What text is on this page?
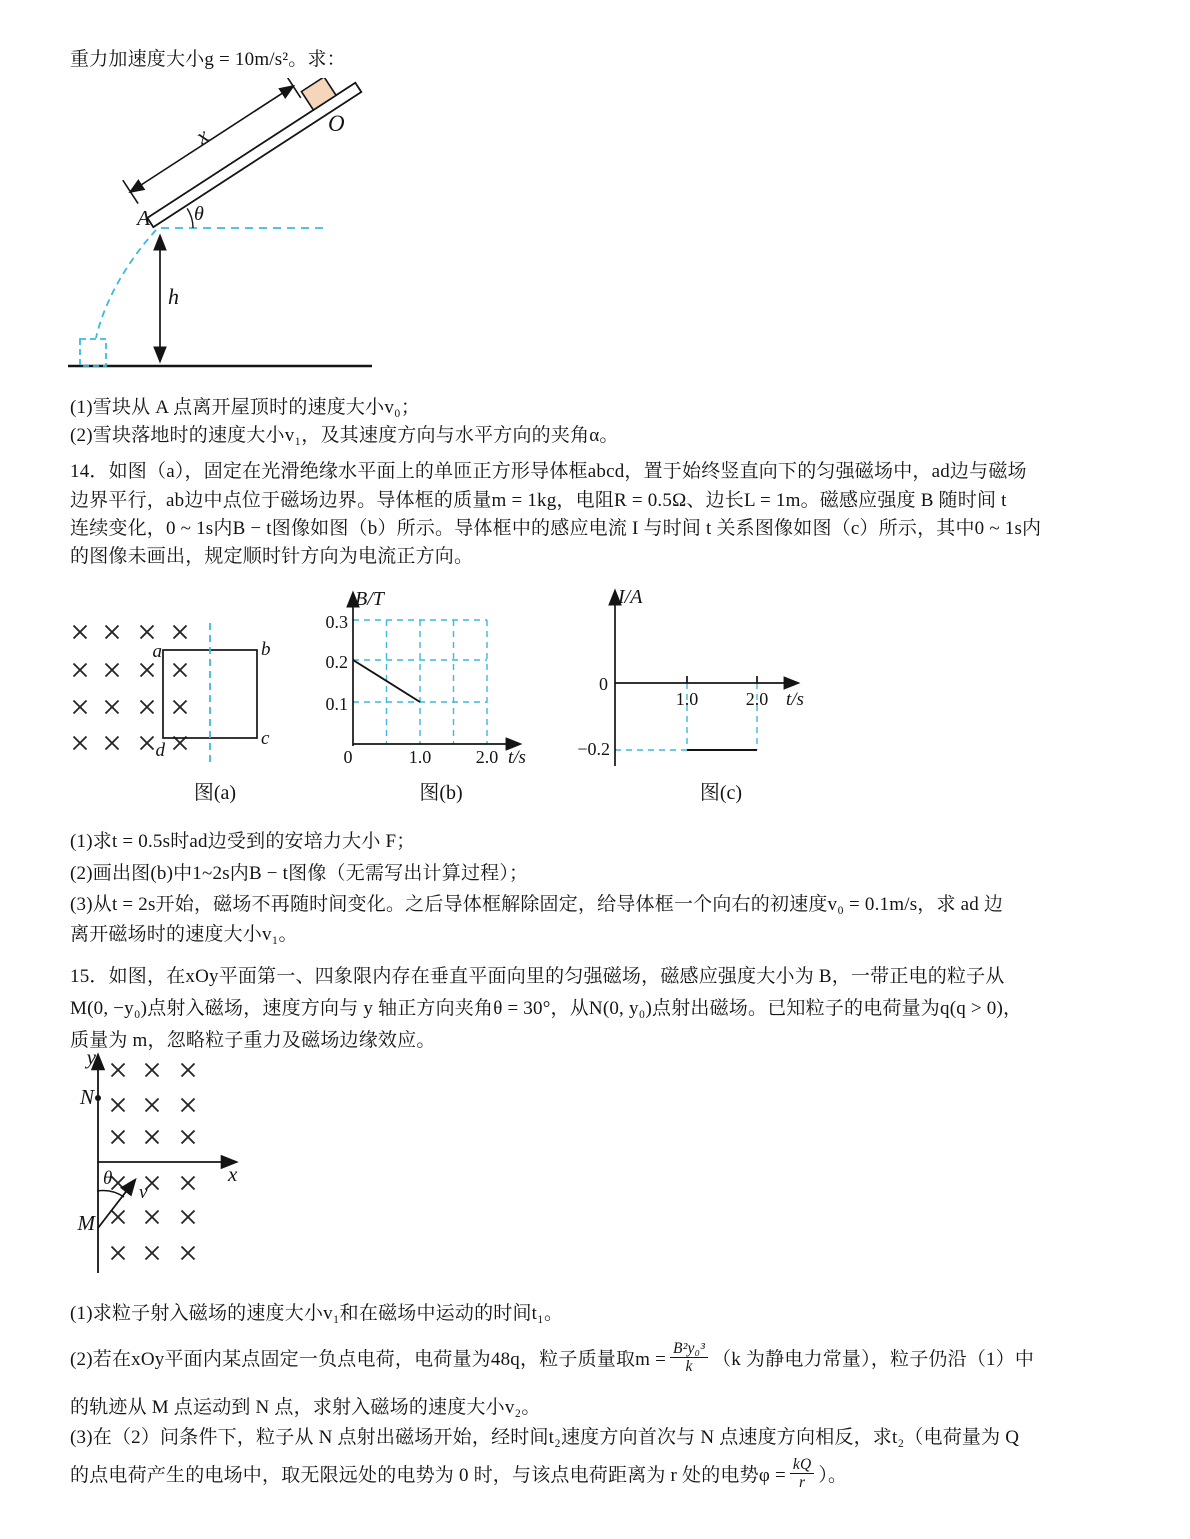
重力加速度大小g = 10m/s²。求：
x	O
A θ
h
(1)雪块从 A 点离开屋顶时的速度大小v₀；
(2)雪块落地时的速度大小v₁，及其速度方向与水平方向的夹角α。
14．如图（a），固定在光滑绝缘水平面上的单匝正方形导体框abcd，置于始终竖直向下的匀强磁场中，ad边与磁场
边界平行，ab边中点位于磁场边界。导体框的质量m = 1kg，电阻R = 0.5Ω、边长L = 1m。磁感应强度 B 随时间 t
连续变化，0 ~ 1s内B − t图像如图（b）所示。导体框中的感应电流 I 与时间 t 关系图像如图（c）所示，其中0 ~ 1s内
的图像未画出，规定顺时针方向为电流正方向。
a	b
c
d
图(a)
B/T
0.3
0.2
0.1
0	1.0 2.0 t/s
图(b)
I/A
0
1.0	2.0 t/s
−0.2
图(c)
(1)求t = 0.5s时ad边受到的安培力大小 F；
(2)画出图(b)中1~2s内B − t图像（无需写出计算过程）；
(3)从t = 2s开始，磁场不再随时间变化。之后导体框解除固定，给导体框一个向右的初速度v₀ = 0.1m/s，求 ad 边
离开磁场时的速度大小v₁。
15．如图，在xOy平面第一、四象限内存在垂直平面向里的匀强磁场，磁感应强度大小为 B，一带正电的粒子从
M(0, −y₀)点射入磁场，速度方向与 y 轴正方向夹角θ = 30°，从N(0, y₀)点射出磁场。已知粒子的电荷量为q(q > 0)，
质量为 m，忽略粒子重力及磁场边缘效应。
y
x
N
M
θ
v
(1)求粒子射入磁场的速度大小v₁和在磁场中运动的时间t₁。
(2)若在xOy平面内某点固定一负点电荷，电荷量为48q，粒子质量取$m = \frac{\text{B²y₀³}}{k} (k$ 为静电力常量），粒子仍沿（1）中
的轨迹从 M 点运动到 N 点，求射入磁场的速度大小v₂。
(3)在（2）问条件下，粒子从 N 点射出磁场开始，经时间t₂速度方向首次与 N 点速度方向相反，求t₂（电荷量为 Q
的点电荷产生的电场中，取无限远处的电势为 0 时，与该点电荷距离为 r 处的电势$\varphi = \frac{kQ}{r}$ ）。
